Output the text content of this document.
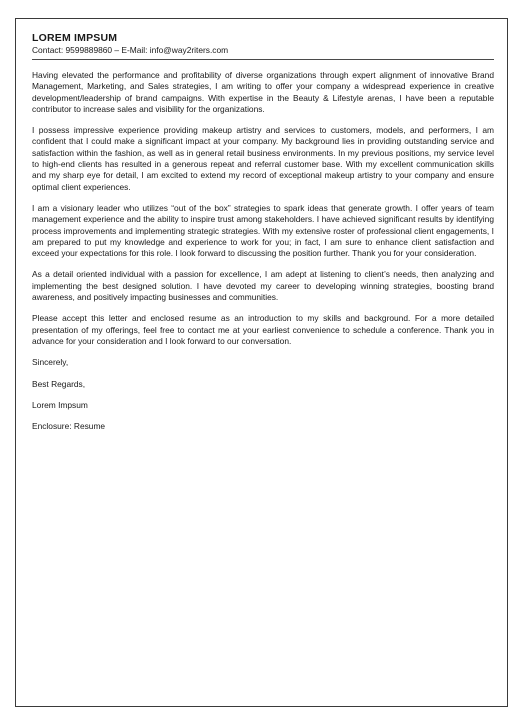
LOREM IMPSUM

Contact: 9599889860 – E-Mail: info@way2riters.com

Having elevated the performance and profitability of diverse organizations through expert alignment of innovative Brand Management, Marketing, and Sales strategies, I am writing to offer your company a widespread experience in creative development/leadership of brand campaigns. With expertise in the Beauty & Lifestyle arenas, I have been a reputable contributor to increase sales and visibility for the organizations.

I possess impressive experience providing makeup artistry and services to customers, models, and performers, I am confident that I could make a significant impact at your company. My background lies in providing outstanding service and satisfaction within the fashion, as well as in general retail business environments. In my previous positions, my service level to high-end clients has resulted in a generous repeat and referral customer base. With my excellent communication skills and my sharp eye for detail, I am excited to extend my record of exceptional makeup artistry to your company and ensure optimal client experiences.

I am a visionary leader who utilizes “out of the box” strategies to spark ideas that generate growth. I offer years of team management experience and the ability to inspire trust among stakeholders. I have achieved significant results by identifying process improvements and implementing strategic strategies. With my extensive roster of professional client engagements, I am prepared to put my knowledge and experience to work for you; in fact, I am sure to enhance client satisfaction and exceed your expectations for this role. I look forward to discussing the position further. Thank you for your consideration.

As a detail oriented individual with a passion for excellence, I am adept at listening to client’s needs, then analyzing and implementing the best designed solution. I have devoted my career to developing winning strategies, boosting brand awareness, and positively impacting businesses and communities.

Please accept this letter and enclosed resume as an introduction to my skills and background. For a more detailed presentation of my offerings, feel free to contact me at your earliest convenience to schedule a conference. Thank you in advance for your consideration and I look forward to our conversation.

Sincerely,

Best Regards,

Lorem Impsum

Enclosure: Resume
